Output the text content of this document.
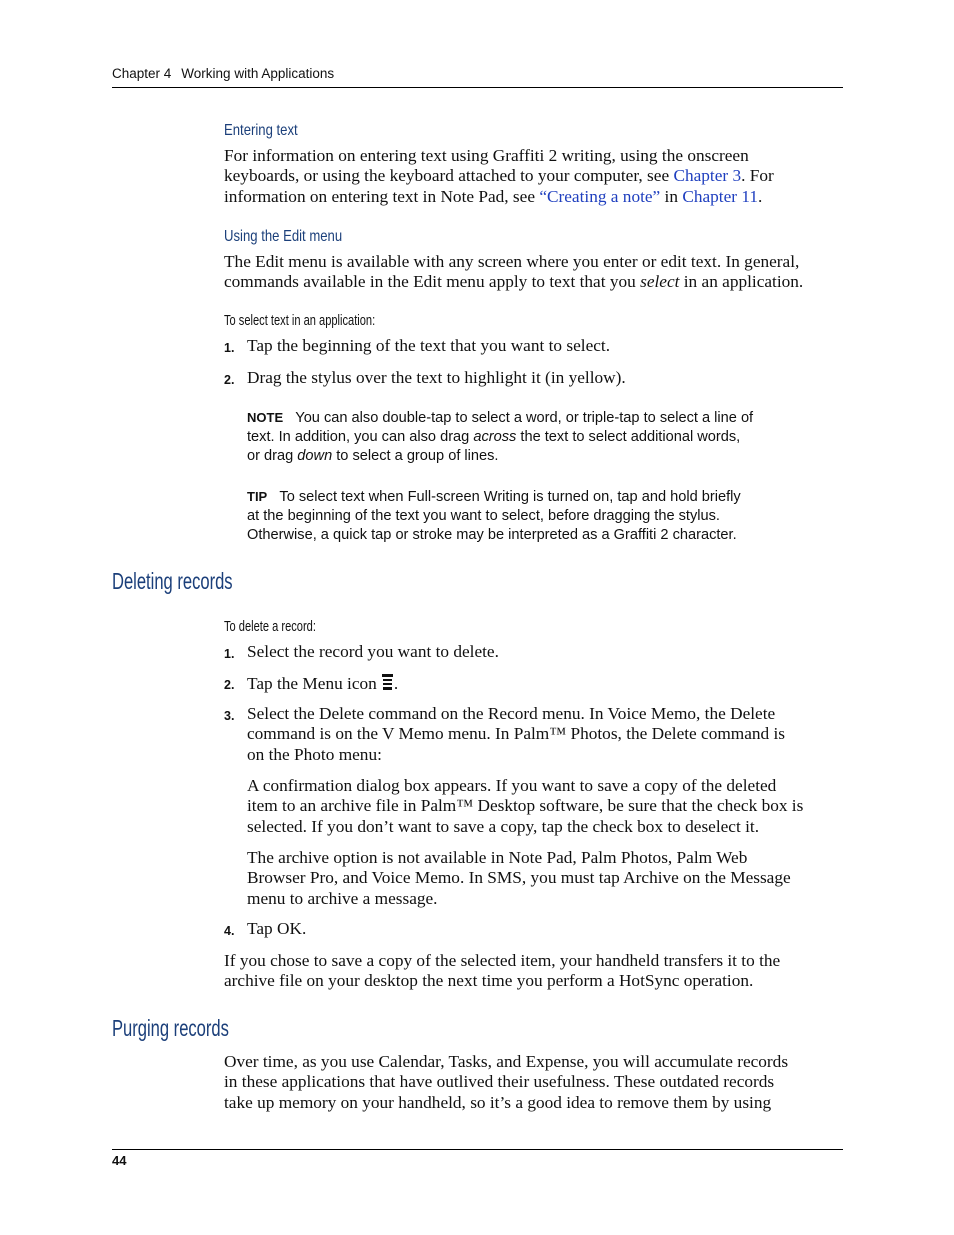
Chapter 4 Working with Applications
Entering text
For information on entering text using Graffiti 2 writing, using the onscreen
keyboards, or using the keyboard attached to your computer, see Chapter 3. For
information on entering text in Note Pad, see “Creating a note” in Chapter 11.
Using the Edit menu
The Edit menu is available with any screen where you enter or edit text. In general,
commands available in the Edit menu apply to text that you select in an application.
To select text in an application:
1. Tap the beginning of the text that you want to select.
2. Drag the stylus over the text to highlight it (in yellow).
NOTE You can also double-tap to select a word, or triple-tap to select a line of
text. In addition, you can also drag across the text to select additional words,
or drag down to select a group of lines.
TIP To select text when Full-screen Writing is turned on, tap and hold briefly
at the beginning of the text you want to select, before dragging the stylus.
Otherwise, a quick tap or stroke may be interpreted as a Graffiti 2 character.
Deleting records
To delete a record:
1. Select the record you want to delete.
2. Tap the Menu icon .
3. Select the Delete command on the Record menu. In Voice Memo, the Delete
command is on the V Memo menu. In Palm™ Photos, the Delete command is
on the Photo menu:
A confirmation dialog box appears. If you want to save a copy of the deleted
item to an archive file in Palm™ Desktop software, be sure that the check box is
selected. If you don’t want to save a copy, tap the check box to deselect it.
The archive option is not available in Note Pad, Palm Photos, Palm Web
Browser Pro, and Voice Memo. In SMS, you must tap Archive on the Message
menu to archive a message.
4. Tap OK.
If you chose to save a copy of the selected item, your handheld transfers it to the
archive file on your desktop the next time you perform a HotSync operation.
Purging records
Over time, as you use Calendar, Tasks, and Expense, you will accumulate records
in these applications that have outlived their usefulness. These outdated records
take up memory on your handheld, so it’s a good idea to remove them by using
44
